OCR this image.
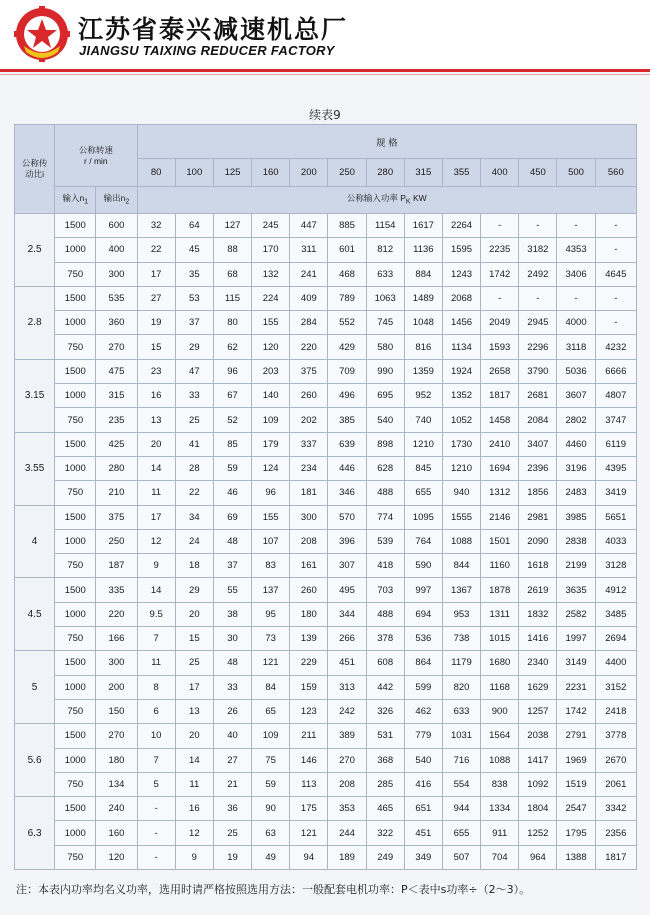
江苏省泰兴减速机总厂
JIANGSU TAIXING REDUCER FACTORY
续表9
公称传动比i	公称转速
r / min		规 格												
			80	100	125	160	200	250	280	315	355	400	450	500	560
	输入$n_1$	输出$n_2$	公称输入功率 $P_K$ KW												
2.5	1500	600	32	64	127	245	447	885	1154	1617	2264	-	-	-	-
	1000	400	22	45	88	170	311	601	812	1136	1595	2235	3182	4353	-
	750	300	17	35	68	132	241	468	633	884	1243	1742	2492	3406	4645
2.8	1500	535	27	53	115	224	409	789	1063	1489	2068	-	-	-	-
	1000	360	19	37	80	155	284	552	745	1048	1456	2049	2945	4000	-
	750	270	15	29	62	120	220	429	580	816	1134	1593	2296	3118	4232
3.15	1500	475	23	47	96	203	375	709	990	1359	1924	2658	3790	5036	6666
	1000	315	16	33	67	140	260	496	695	952	1352	1817	2681	3607	4807
	750	235	13	25	52	109	202	385	540	740	1052	1458	2084	2802	3747
3.55	1500	425	20	41	85	179	337	639	898	1210	1730	2410	3407	4460	6119
	1000	280	14	28	59	124	234	446	628	845	1210	1694	2396	3196	4395
	750	210	11	22	46	96	181	346	488	655	940	1312	1856	2483	3419
4	1500	375	17	34	69	155	300	570	774	1095	1555	2146	2981	3985	5651
	1000	250	12	24	48	107	208	396	539	764	1088	1501	2090	2838	4033
	750	187	9	18	37	83	161	307	418	590	844	1160	1618	2199	3128
4.5	1500	335	14	29	55	137	260	495	703	997	1367	1878	2619	3635	4912
	1000	220	9.5	20	38	95	180	344	488	694	953	1311	1832	2582	3485
	750	166	7	15	30	73	139	266	378	536	738	1015	1416	1997	2694
5	1500	300	11	25	48	121	229	451	608	864	1179	1680	2340	3149	4400
	1000	200	8	17	33	84	159	313	442	599	820	1168	1629	2231	3152
	750	150	6	13	26	65	123	242	326	462	633	900	1257	1742	2418
5.6	1500	270	10	20	40	109	211	389	531	779	1031	1564	2038	2791	3778
	1000	180	7	14	27	75	146	270	368	540	716	1088	1417	1969	2670
	750	134	5	11	21	59	113	208	285	416	554	838	1092	1519	2061
6.3	1500	240	-	16	36	90	175	353	465	651	944	1334	1804	2547	3342
	1000	160	-	12	25	63	121	244	322	451	655	911	1252	1795	2356
	750	120	-	9	19	49	94	189	249	349	507	704	964	1388	1817
注：本表内功率均名义功率，选用时请严格按照选用方法：一般配套电机功率：P＜表中s功率÷（2～3）。
